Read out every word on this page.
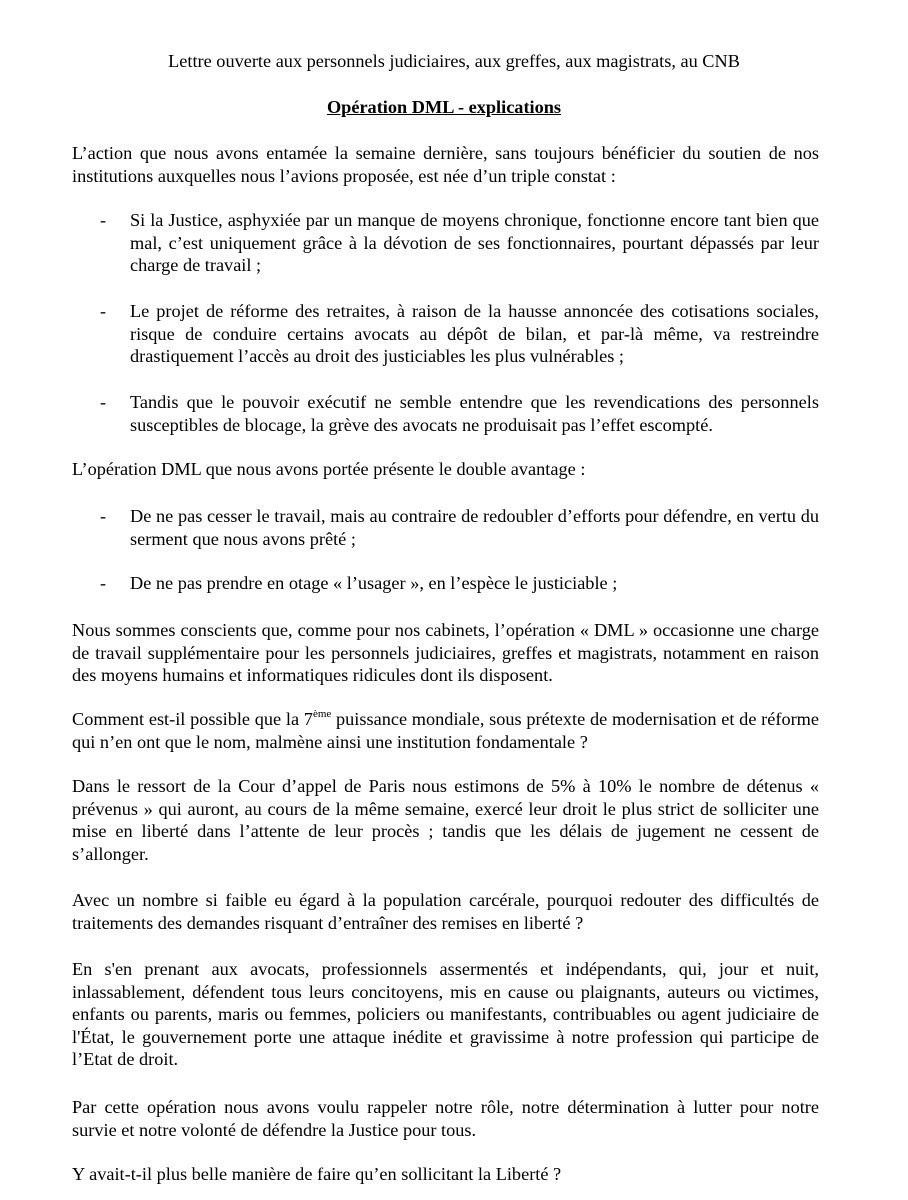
Lettre ouverte aux personnels judiciaires, aux greffes, aux magistrats, au CNB

Opération DML - explications

L’action que nous avons entamée la semaine dernière, sans toujours bénéficier du soutien de nos institutions auxquelles nous l’avions proposée, est née d’un triple constat :

- Si la Justice, asphyxiée par un manque de moyens chronique, fonctionne encore tant bien que mal, c’est uniquement grâce à la dévotion de ses fonctionnaires, pourtant dépassés par leur charge de travail ;
- Le projet de réforme des retraites, à raison de la hausse annoncée des cotisations sociales, risque de conduire certains avocats au dépôt de bilan, et par-là même, va restreindre drastiquement l’accès au droit des justiciables les plus vulnérables ;
- Tandis que le pouvoir exécutif ne semble entendre que les revendications des personnels susceptibles de blocage, la grève des avocats ne produisait pas l’effet escompté.

L’opération DML que nous avons portée présente le double avantage :

- De ne pas cesser le travail, mais au contraire de redoubler d’efforts pour défendre, en vertu du serment que nous avons prêté ;
- De ne pas prendre en otage « l’usager », en l’espèce le justiciable ;

Nous sommes conscients que, comme pour nos cabinets, l’opération « DML » occasionne une charge de travail supplémentaire pour les personnels judiciaires, greffes et magistrats, notamment en raison des moyens humains et informatiques ridicules dont ils disposent.

Comment est-il possible que la 7ème puissance mondiale, sous prétexte de modernisation et de réforme qui n’en ont que le nom, malmène ainsi une institution fondamentale ?

Dans le ressort de la Cour d’appel de Paris nous estimons de 5% à 10% le nombre de détenus « prévenus » qui auront, au cours de la même semaine, exercé leur droit le plus strict de solliciter une mise en liberté dans l’attente de leur procès ; tandis que les délais de jugement ne cessent de s’allonger.

Avec un nombre si faible eu égard à la population carcérale, pourquoi redouter des difficultés de traitements des demandes risquant d’entraîner des remises en liberté ?

En s'en prenant aux avocats, professionnels assermentés et indépendants, qui, jour et nuit, inlassablement, défendent tous leurs concitoyens, mis en cause ou plaignants, auteurs ou victimes, enfants ou parents, maris ou femmes, policiers ou manifestants, contribuables ou agent judiciaire de l'État, le gouvernement porte une attaque inédite et gravissime à notre profession qui participe de l’Etat de droit.

Par cette opération nous avons voulu rappeler notre rôle, notre détermination à lutter pour notre survie et notre volonté de défendre la Justice pour tous.

Y avait-t-il plus belle manière de faire qu’en sollicitant la Liberté ?
